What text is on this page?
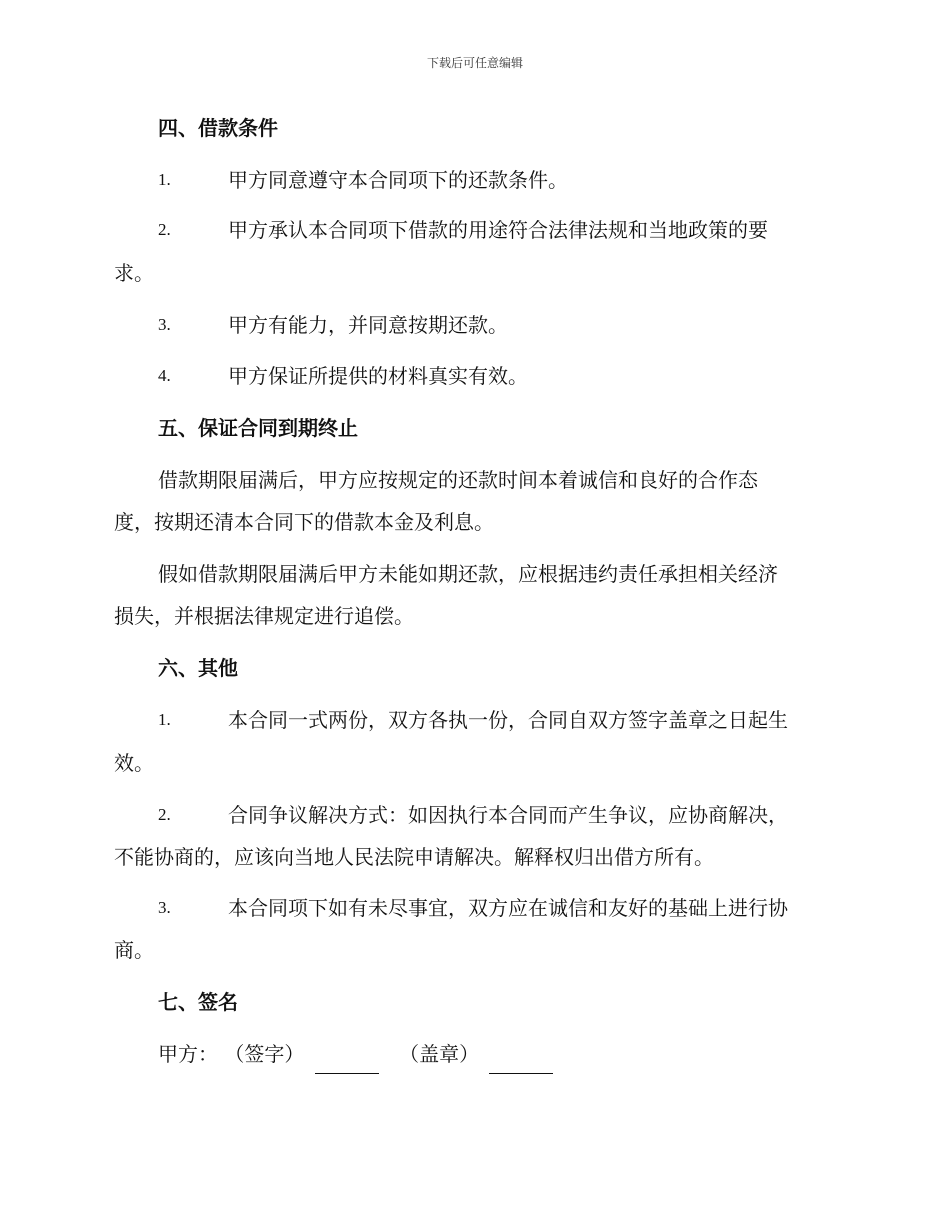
下载后可任意编辑
四、借款条件
1.	甲方同意遵守本合同项下的还款条件。
2.	甲方承认本合同项下借款的用途符合法律法规和当地政策的要
求。
3.	甲方有能力，并同意按期还款。
4.	甲方保证所提供的材料真实有效。
五、保证合同到期终止
借款期限届满后，甲方应按规定的还款时间本着诚信和良好的合作态
度，按期还清本合同下的借款本金及利息。
假如借款期限届满后甲方未能如期还款，应根据违约责任承担相关经济
损失，并根据法律规定进行追偿。
六、其他
1.	本合同一式两份，双方各执一份，合同自双方签字盖章之日起生
效。
2.	合同争议解决方式：如因执行本合同而产生争议，应协商解决，
不能协商的，应该向当地人民法院申请解决。解释权归出借方所有。
3.	本合同项下如有未尽事宜，双方应在诚信和友好的基础上进行协
商。
七、签名
甲方： （签字）	（盖章）
